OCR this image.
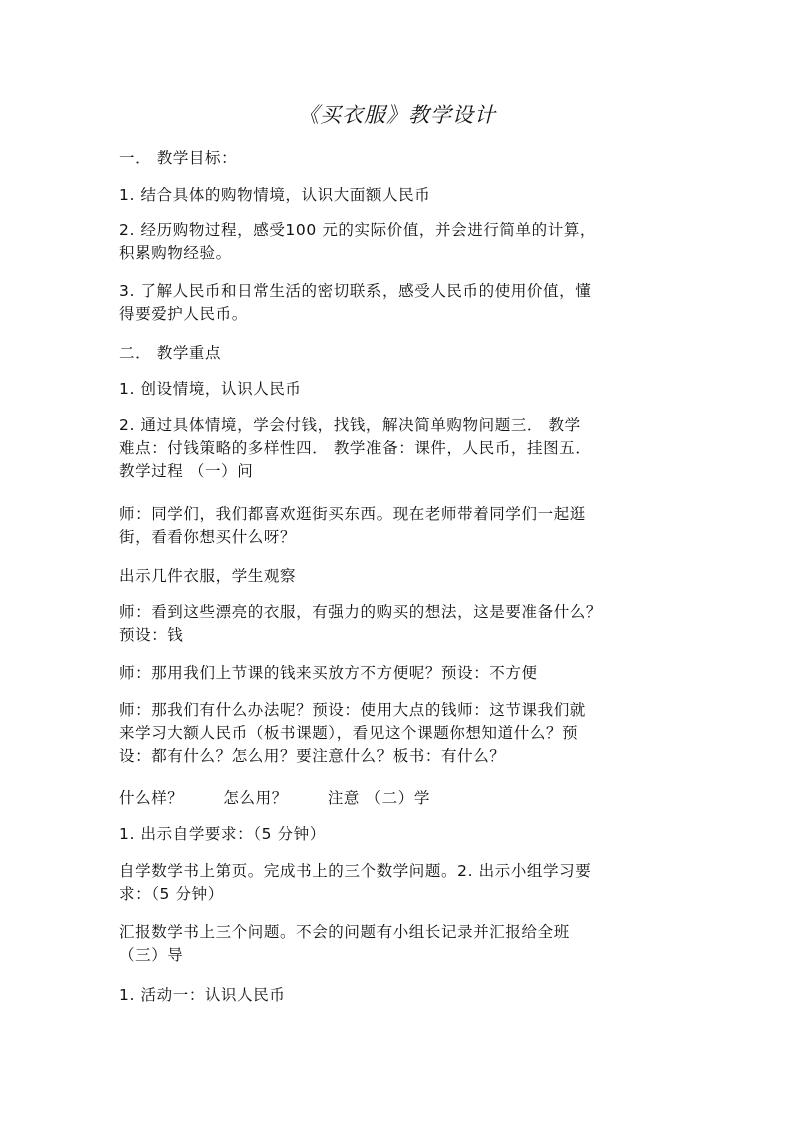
《买衣服》教学设计
一． 教学目标：
1. 结合具体的购物情境，认识大面额人民币
2. 经历购物过程，感受100 元的实际价值，并会进行简单的计算，
积累购物经验。
3. 了解人民币和日常生活的密切联系，感受人民币的使用价值，懂
得要爱护人民币。
二． 教学重点
1. 创设情境，认识人民币
2. 通过具体情境，学会付钱，找钱，解决简单购物问题三． 教学
难点：付钱策略的多样性四． 教学准备：课件，人民币，挂图五．
教学过程 （一）问
师：同学们，我们都喜欢逛街买东西。现在老师带着同学们一起逛
街，看看你想买什么呀？
出示几件衣服，学生观察
师：看到这些漂亮的衣服，有强力的购买的想法，这是要准备什么？
预设：钱
师：那用我们上节课的钱来买放方不方便呢？预设：不方便
师：那我们有什么办法呢？预设：使用大点的钱师：这节课我们就
来学习大额人民币（板书课题），看见这个课题你想知道什么？预
设：都有什么？怎么用？要注意什么？板书：有什么？
什么样？	怎么用？	注意 （二）学
1. 出示自学要求：（5 分钟）
自学数学书上第页。完成书上的三个数学问题。2. 出示小组学习要
求：（5 分钟）
汇报数学书上三个问题。不会的问题有小组长记录并汇报给全班
（三）导
1. 活动一：认识人民币
